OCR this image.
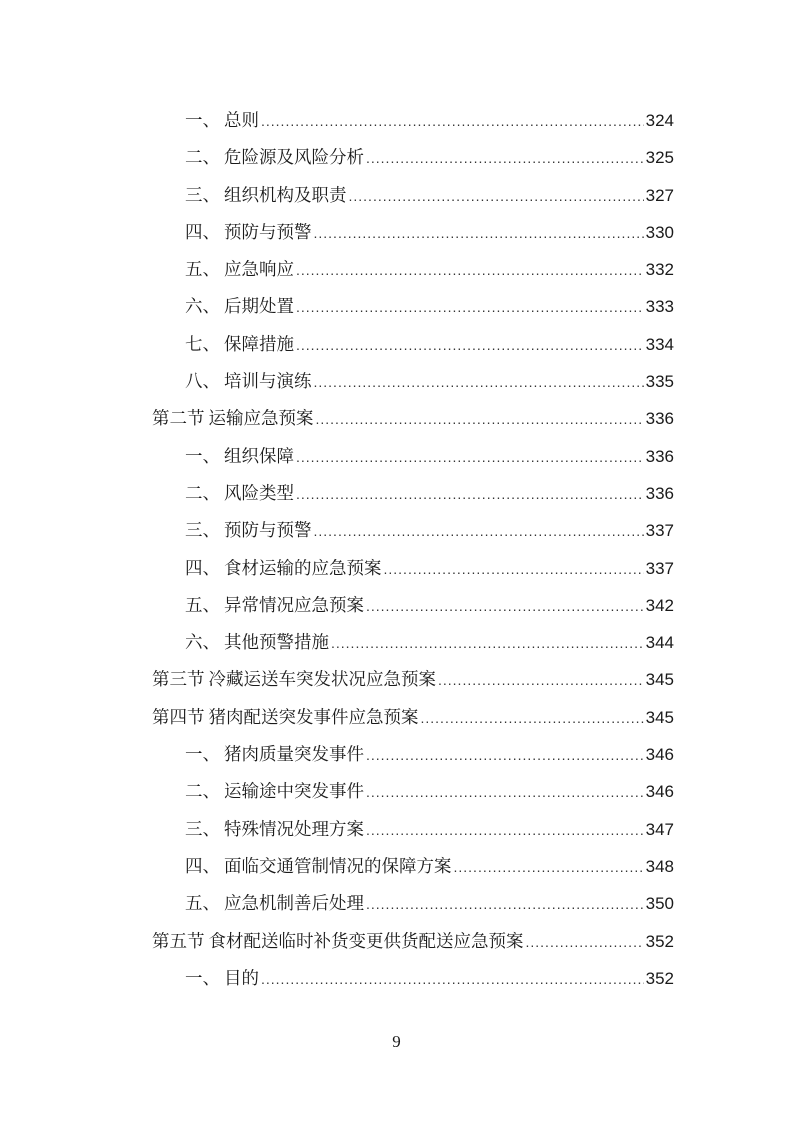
一、 总则 .....	324
二、 危险源及风险分析 .....	325
三、 组织机构及职责 .....	327
四、 预防与预警 .....	330
五、 应急响应 .....	332
六、 后期处置 .....	333
七、 保障措施 .....	334
八、 培训与演练 .....	335
第二节 运输应急预案 .....	336
一、 组织保障 .....	336
二、 风险类型 .....	336
三、 预防与预警 .....	337
四、 食材运输的应急预案 .....	337
五、 异常情况应急预案 .....	342
六、 其他预警措施 .....	344
第三节 冷藏运送车突发状况应急预案 .....	345
第四节 猪肉配送突发事件应急预案 .....	345
一、 猪肉质量突发事件 .....	346
二、 运输途中突发事件 .....	346
三、 特殊情况处理方案 .....	347
四、 面临交通管制情况的保障方案 .....	348
五、 应急机制善后处理 .....	350
第五节 食材配送临时补货变更供货配送应急预案 .....	352
一、 目的 .....	352
9
